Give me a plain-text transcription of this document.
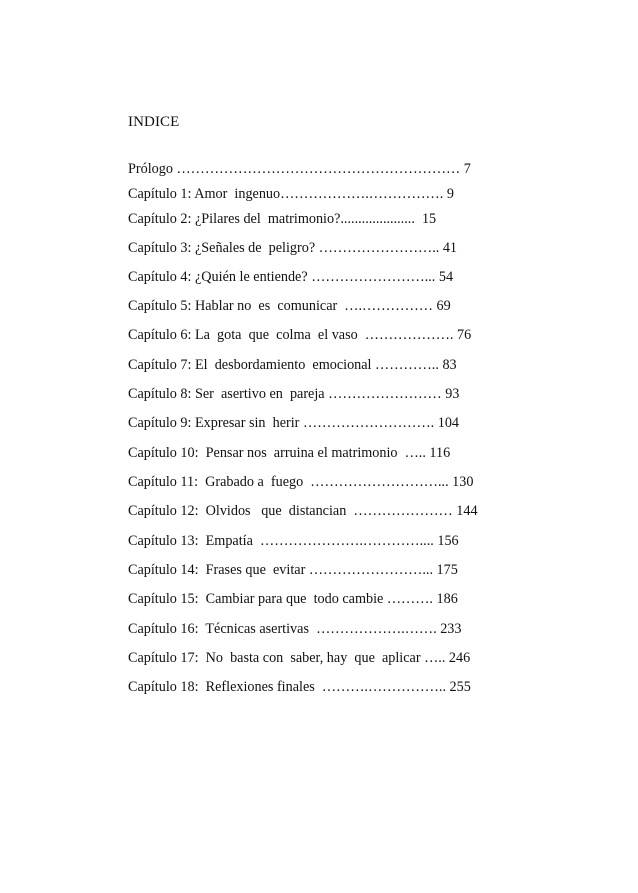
INDICE
Prólogo …………………………………………………… 7
Capítulo 1: Amor  ingenuo……………….……………. 9
Capítulo 2: ¿Pilares del  matrimonio?.....................  15
Capítulo 3: ¿Señales de  peligro? …………………….. 41
Capítulo 4: ¿Quién le entiende? ……………………... 54
Capítulo 5: Hablar no  es  comunicar  ….…………… 69
Capítulo 6: La  gota  que  colma  el vaso  ………………. 76
Capítulo 7: El  desbordamiento  emocional ………….. 83
Capítulo 8: Ser  asertivo en  pareja …………………… 93
Capítulo 9: Expresar sin  herir ………………………. 104
Capítulo 10:  Pensar nos  arruina el matrimonio  ….. 116
Capítulo 11:  Grabado a  fuego  ………………………... 130
Capítulo 12:  Olvidos   que  distancian  ………………… 144
Capítulo 13:  Empatía  ………………….………….... 156
Capítulo 14:  Frases que  evitar ……………………... 175
Capítulo 15:  Cambiar para que  todo cambie ………. 186
Capítulo 16:  Técnicas asertivas  ……………….……. 233
Capítulo 17:  No  basta con  saber, hay  que  aplicar ….. 246
Capítulo 18:  Reflexiones finales  ……….…………….. 255
